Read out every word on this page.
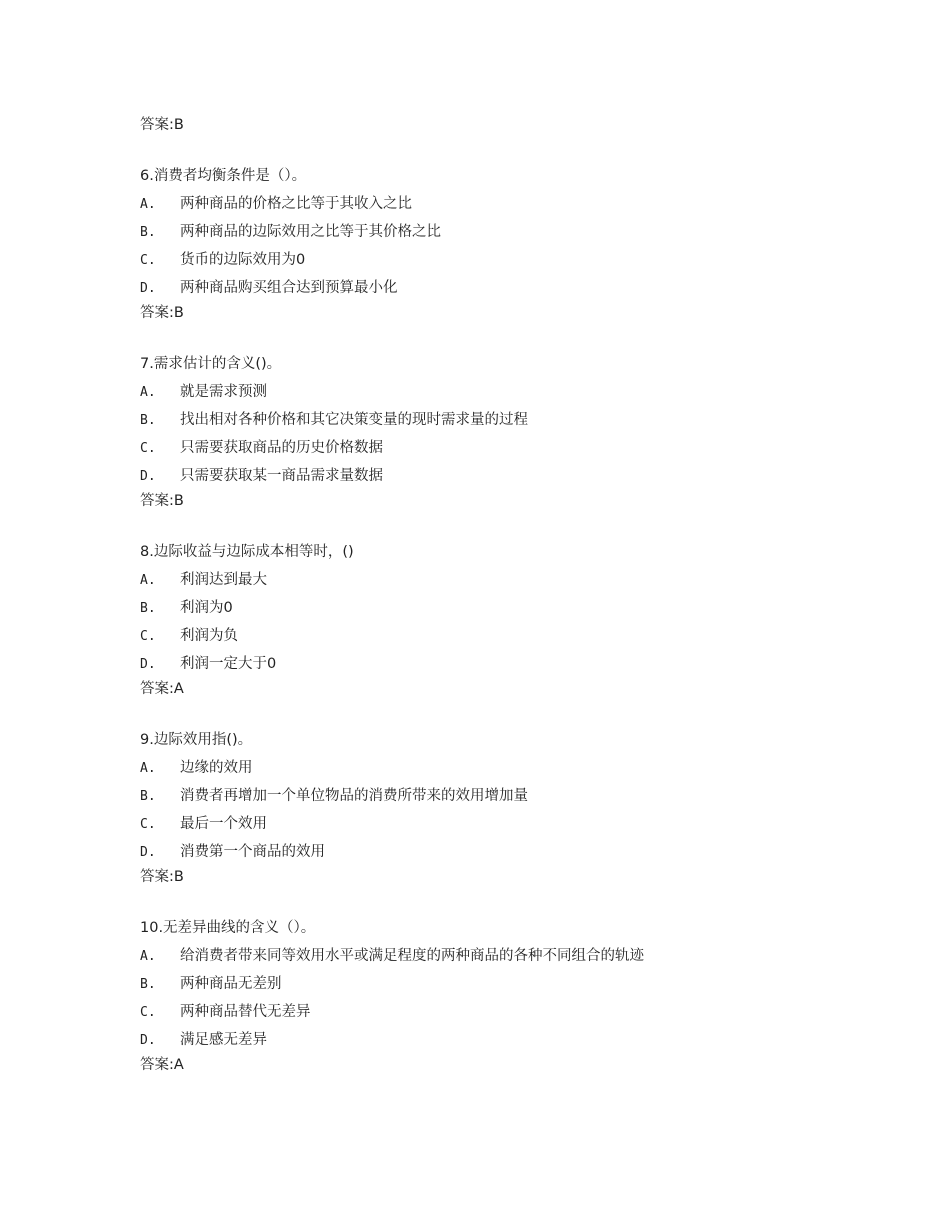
答案:B
6.消费者均衡条件是（）。
A. 两种商品的价格之比等于其收入之比
B. 两种商品的边际效用之比等于其价格之比
C. 货币的边际效用为0
D. 两种商品购买组合达到预算最小化
答案:B
7.需求估计的含义()。
A. 就是需求预测
B. 找出相对各种价格和其它决策变量的现时需求量的过程
C. 只需要获取商品的历史价格数据
D. 只需要获取某一商品需求量数据
答案:B
8.边际收益与边际成本相等时，()
A. 利润达到最大
B. 利润为0
C. 利润为负
D. 利润一定大于0
答案:A
9.边际效用指()。
A. 边缘的效用
B. 消费者再增加一个单位物品的消费所带来的效用增加量
C. 最后一个效用
D. 消费第一个商品的效用
答案:B
10.无差异曲线的含义（）。
A. 给消费者带来同等效用水平或满足程度的两种商品的各种不同组合的轨迹
B. 两种商品无差别
C. 两种商品替代无差异
D. 满足感无差异
答案:A
